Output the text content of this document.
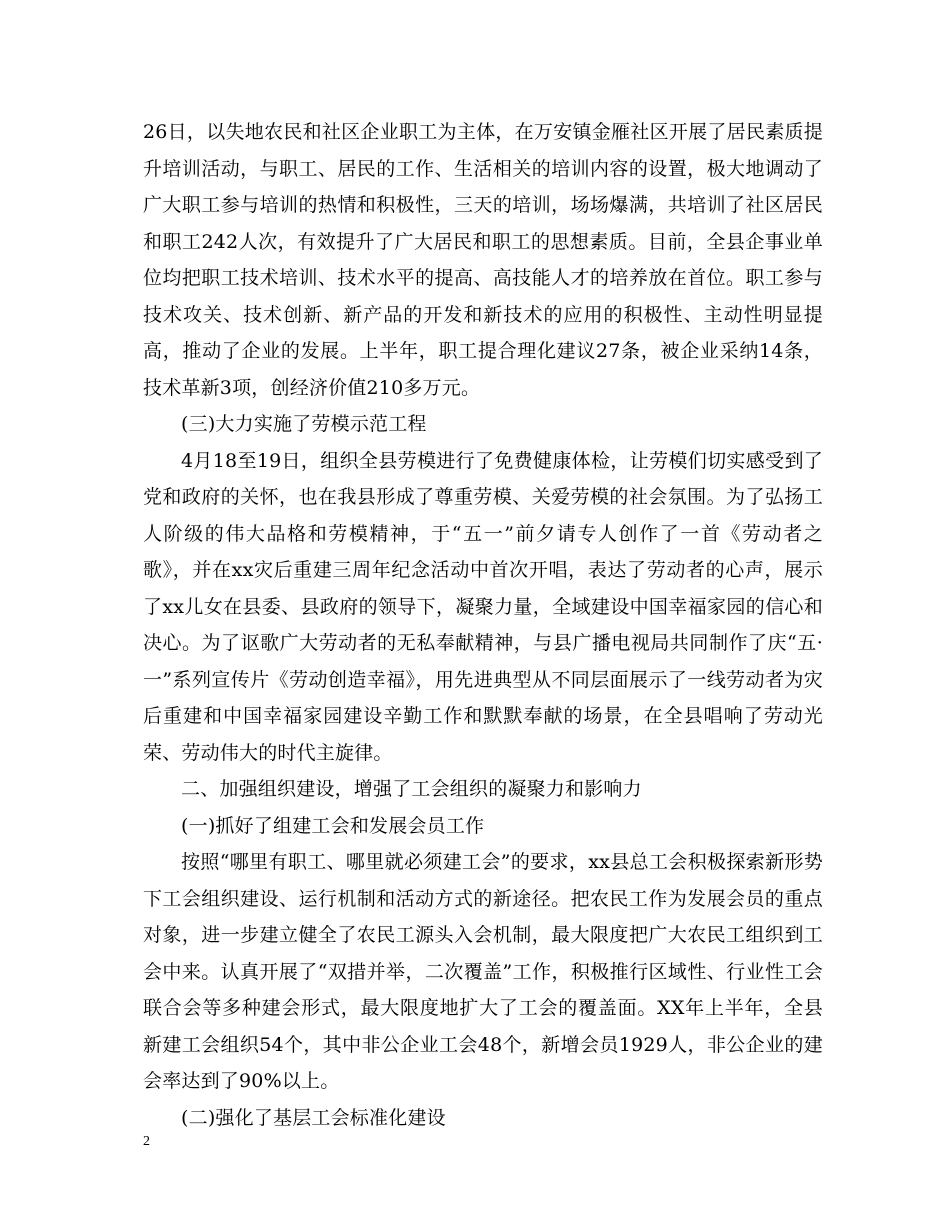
26日，以失地农民和社区企业职工为主体，在万安镇金雁社区开展了居民素质提升培训活动，与职工、居民的工作、生活相关的培训内容的设置，极大地调动了广大职工参与培训的热情和积极性，三天的培训，场场爆满，共培训了社区居民和职工242人次，有效提升了广大居民和职工的思想素质。目前，全县企事业单位均把职工技术培训、技术水平的提高、高技能人才的培养放在首位。职工参与技术攻关、技术创新、新产品的开发和新技术的应用的积极性、主动性明显提高，推动了企业的发展。上半年，职工提合理化建议27条，被企业采纳14条，技术革新3项，创经济价值210多万元。

(三)大力实施了劳模示范工程

4月18至19日，组织全县劳模进行了免费健康体检，让劳模们切实感受到了党和政府的关怀，也在我县形成了尊重劳模、关爱劳模的社会氛围。为了弘扬工人阶级的伟大品格和劳模精神，于“五一”前夕请专人创作了一首《劳动者之歌》，并在xx灾后重建三周年纪念活动中首次开唱，表达了劳动者的心声，展示了xx儿女在县委、县政府的领导下，凝聚力量，全域建设中国幸福家园的信心和决心。为了讴歌广大劳动者的无私奉献精神，与县广播电视局共同制作了庆“五·一”系列宣传片《劳动创造幸福》，用先进典型从不同层面展示了一线劳动者为灾后重建和中国幸福家园建设辛勤工作和默默奉献的场景，在全县唱响了劳动光荣、劳动伟大的时代主旋律。

二、加强组织建设，增强了工会组织的凝聚力和影响力

(一)抓好了组建工会和发展会员工作

按照“哪里有职工、哪里就必须建工会”的要求，xx县总工会积极探索新形势下工会组织建设、运行机制和活动方式的新途径。把农民工作为发展会员的重点对象，进一步建立健全了农民工源头入会机制，最大限度把广大农民工组织到工会中来。认真开展了“双措并举，二次覆盖”工作，积极推行区域性、行业性工会联合会等多种建会形式，最大限度地扩大了工会的覆盖面。XX年上半年，全县新建工会组织54个，其中非公企业工会48个，新增会员1929人，非公企业的建会率达到了90%以上。

(二)强化了基层工会标准化建设

2
